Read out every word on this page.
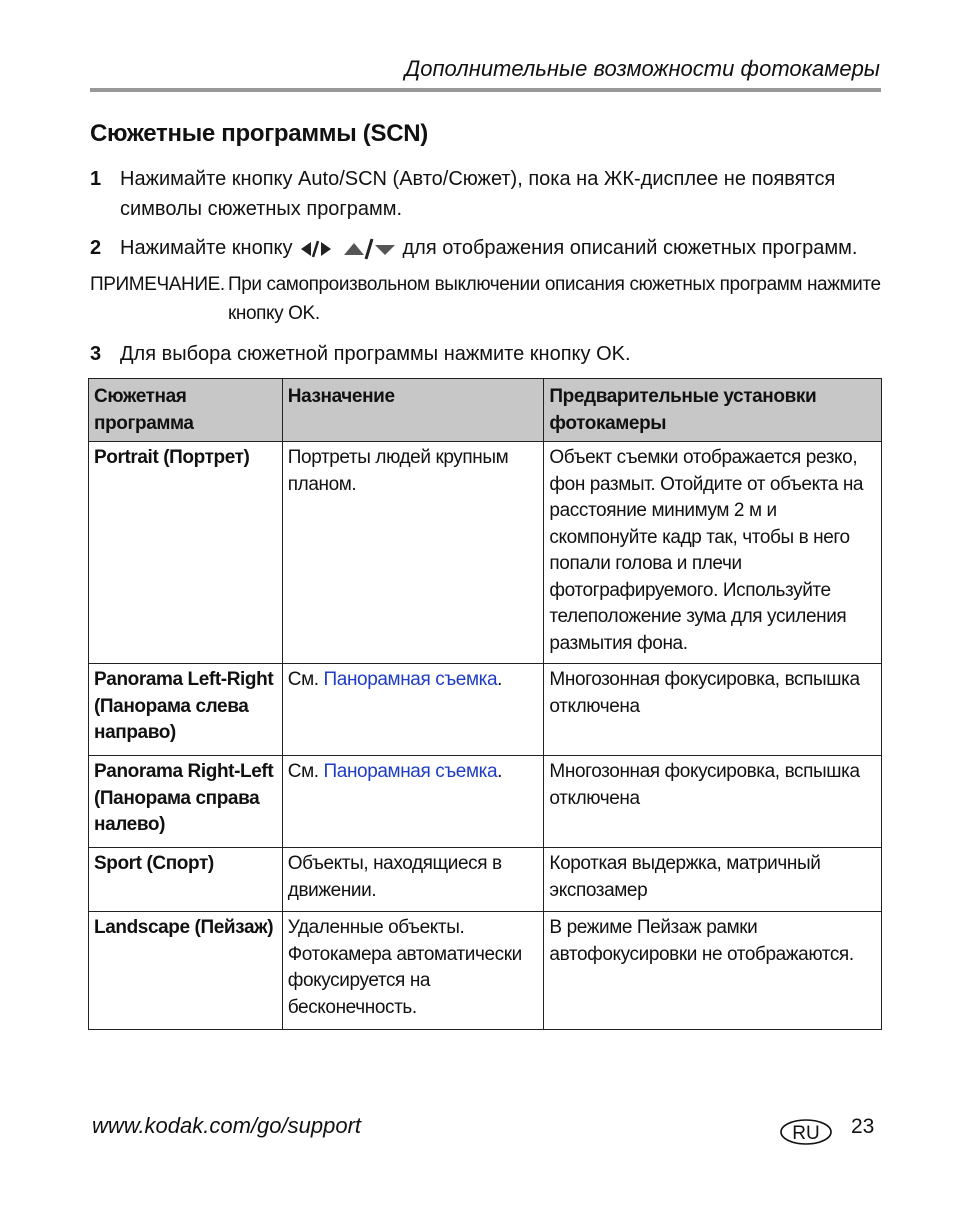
Дополнительные возможности фотокамеры
Сюжетные программы (SCN)
1 Нажимайте кнопку Auto/SCN (Авто/Сюжет), пока на ЖК-дисплее не появятся символы сюжетных программ.
2 Нажимайте кнопку	для отображения описаний сюжетных программ.
ПРИМЕЧАНИЕ. При самопроизвольном выключении описания сюжетных программ нажмите кнопку OK.
3 Для выбора сюжетной программы нажмите кнопку OK.
Сюжетная программа	Назначение	Предварительные установки фотокамеры
Portrait (Портрет)	Портреты людей крупным планом.	Объект съемки отображается резко, фон размыт. Отойдите от объекта на расстояние минимум 2 м и скомпонуйте кадр так, чтобы в него попали голова и плечи фотографируемого. Используйте телеположение зума для усиления размытия фона.
Panorama Left-Right (Панорама слева направо)	См. Панорамная съемка.	Многозонная фокусировка, вспышка отключена
Panorama Right-Left (Панорама справа налево)	См. Панорамная съемка.	Многозонная фокусировка, вспышка отключена
Sport (Спорт)	Объекты, находящиеся в движении.	Короткая выдержка, матричный экспозамер
Landscape (Пейзаж)	Удаленные объекты. Фотокамера автоматически фокусируется на бесконечность.	В режиме Пейзаж рамки автофокусировки не отображаются.
www.kodak.com/go/support	RU 23
